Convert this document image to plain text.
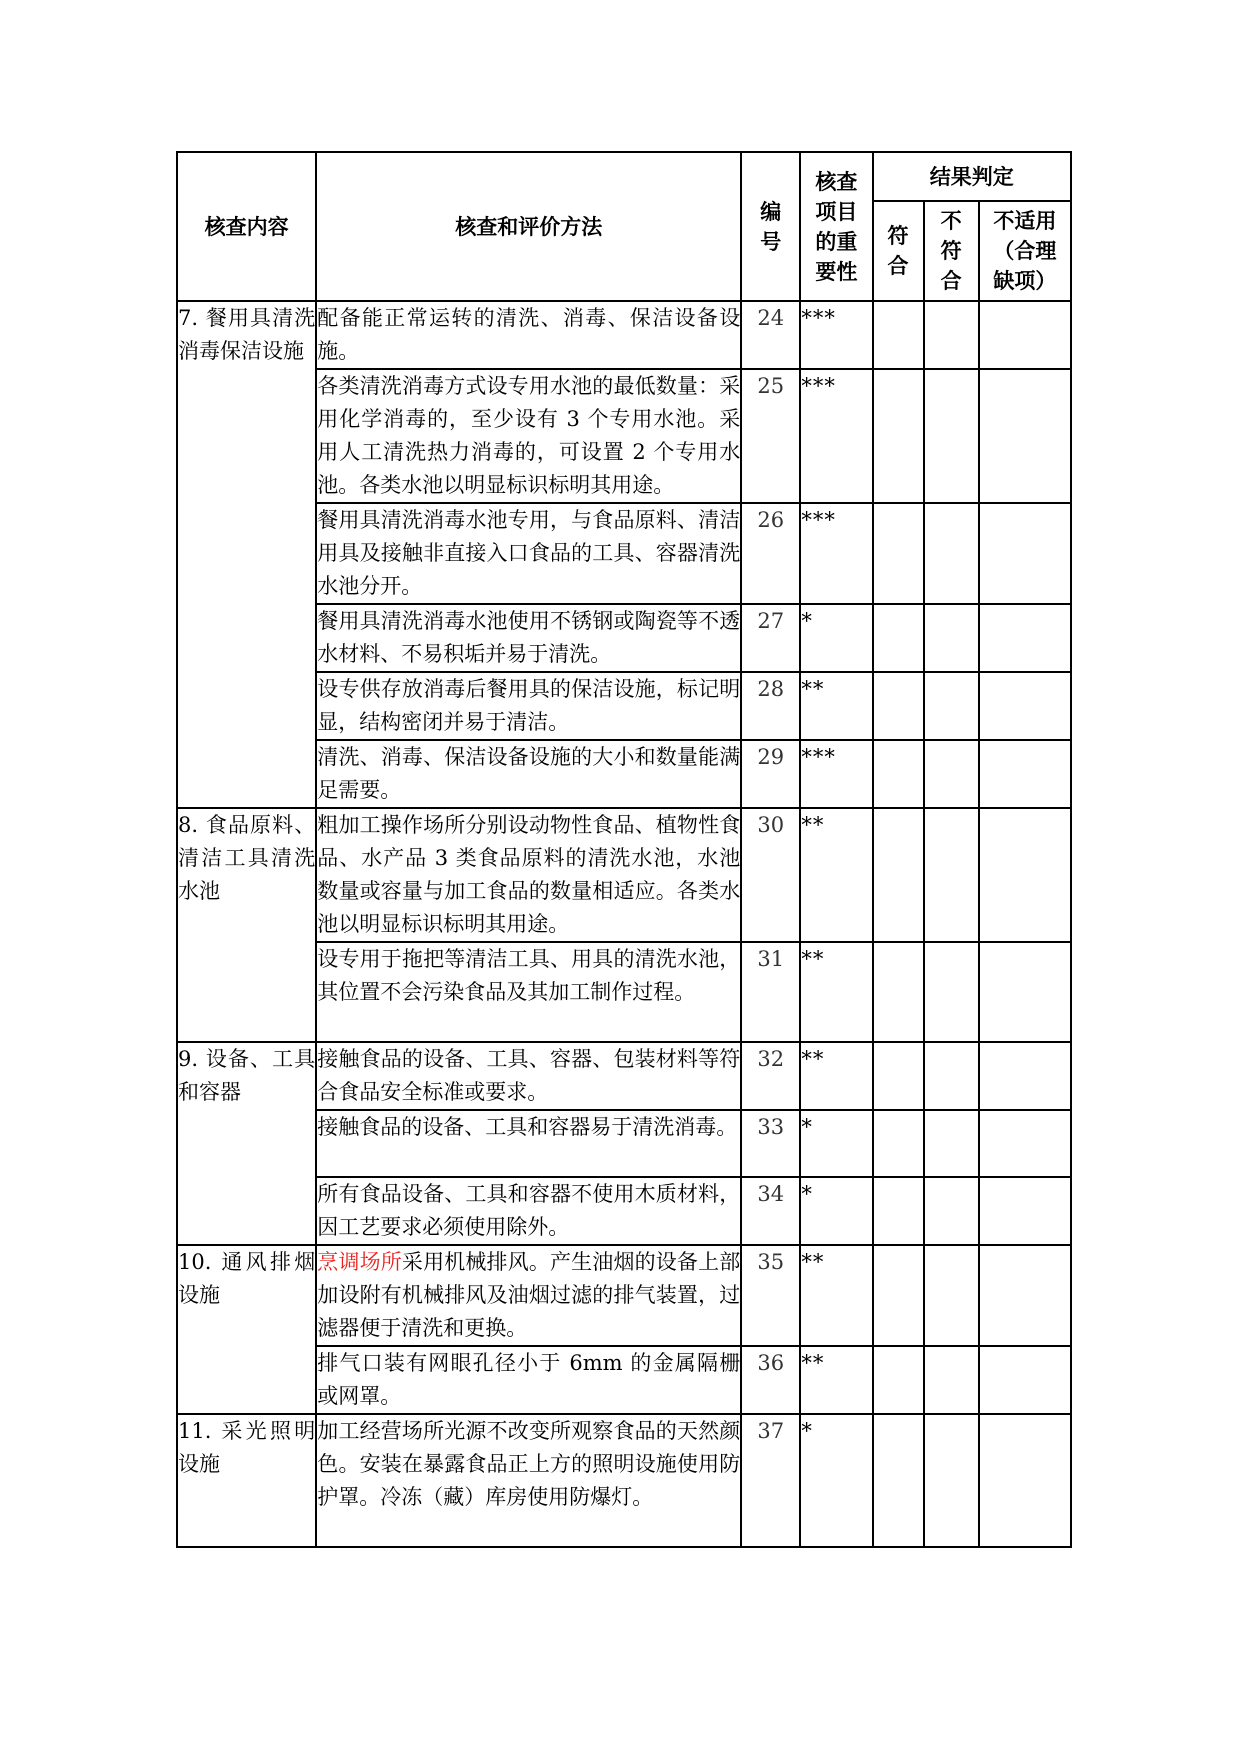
核查内容	核查和评价方法	编号	核查项目的重要性	结果判定		
				符合	不符合	不适用（合理缺项）
7. 餐用具清洗消毒保洁设施	配备能正常运转的清洗、消毒、保洁设备设施。	24	***			
	各类清洗消毒方式设专用水池的最低数量：采用化学消毒的，至少设有 3 个专用水池。采用人工清洗热力消毒的，可设置 2 个专用水池。各类水池以明显标识标明其用途。	25	***			
	餐用具清洗消毒水池专用，与食品原料、清洁用具及接触非直接入口食品的工具、容器清洗水池分开。	26	***			
	餐用具清洗消毒水池使用不锈钢或陶瓷等不透水材料、不易积垢并易于清洗。	27	*			
	设专供存放消毒后餐用具的保洁设施，标记明显，结构密闭并易于清洁。	28	**			
	清洗、消毒、保洁设备设施的大小和数量能满足需要。	29	***			
8. 食品原料、清洁工具清洗水池	粗加工操作场所分别设动物性食品、植物性食品、水产品 3 类食品原料的清洗水池，水池数量或容量与加工食品的数量相适应。各类水池以明显标识标明其用途。	30	**			
	设专用于拖把等清洁工具、用具的清洗水池，其位置不会污染食品及其加工制作过程。	31	**			
9. 设备、工具和容器	接触食品的设备、工具、容器、包装材料等符合食品安全标准或要求。	32	**			
	接触食品的设备、工具和容器易于清洗消毒。	33	*			
	所有食品设备、工具和容器不使用木质材料，因工艺要求必须使用除外。	34	*			
10. 通风排烟设施	烹调场所采用机械排风。产生油烟的设备上部加设附有机械排风及油烟过滤的排气装置，过滤器便于清洗和更换。	35	**			
	排气口装有网眼孔径小于 6mm 的金属隔栅或网罩。	36	**			
11. 采光照明设施	加工经营场所光源不改变所观察食品的天然颜色。安装在暴露食品正上方的照明设施使用防护罩。冷冻（藏）库房使用防爆灯。	37	*			
